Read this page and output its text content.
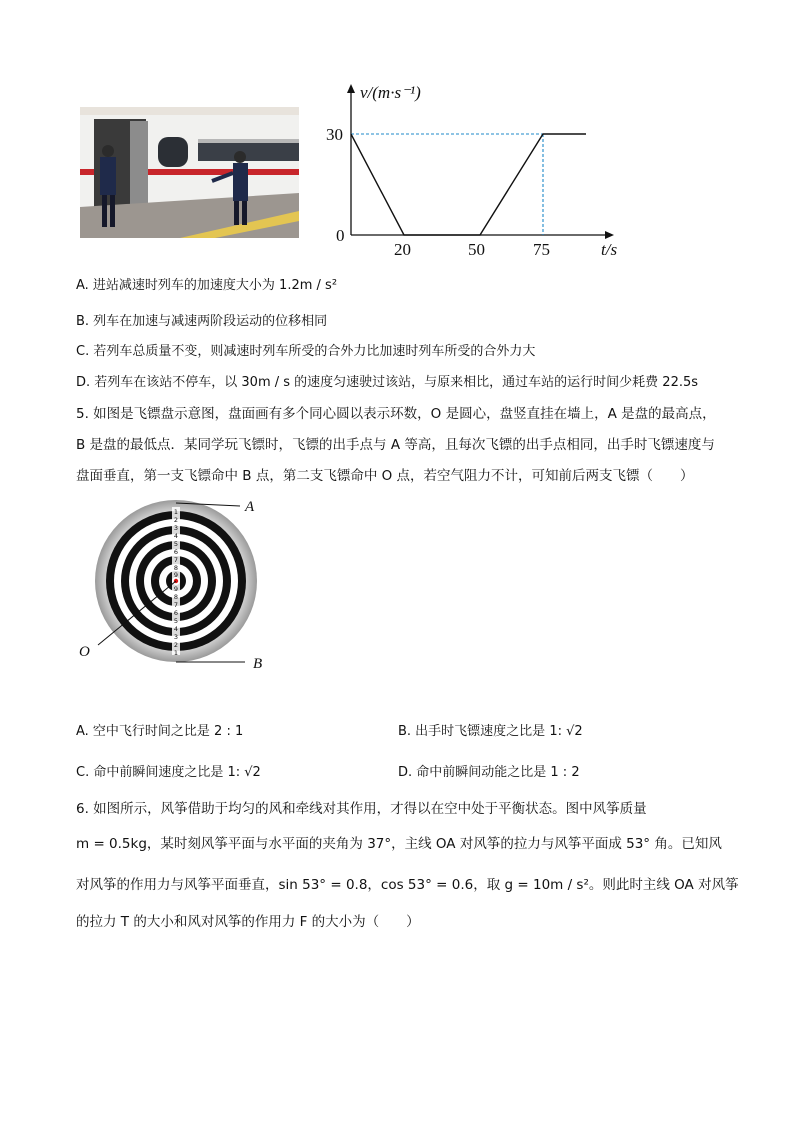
v/(m·s⁻¹)
30
0
20	50	75	t/s
A. 进站减速时列车的加速度大小为 1.2m / s²
B. 列车在加速与减速两阶段运动的位移相同
C. 若列车总质量不变，则减速时列车所受的合外力比加速时列车所受的合外力大
D. 若列车在该站不停车，以 30m / s 的速度匀速驶过该站，与原来相比，通过车站的运行时间少耗费 22.5s
5. 如图是飞镖盘示意图，盘面画有多个同心圆以表示环数，O 是圆心，盘竖直挂在墙上，A 是盘的最高点，
B 是盘的最低点．某同学玩飞镖时，飞镖的出手点与 A 等高，且每次飞镖的出手点相同，出手时飞镖速度与
盘面垂直，第一支飞镖命中 B 点，第二支飞镖命中 O 点，若空气阻力不计，可知前后两支飞镖（　　）
1
2
3
4
5
6
7
8
9
9
8
7
6
5
4
3
2
1
A
B
O
A. 空中飞行时间之比是 2 : 1	B. 出手时飞镖速度之比是 1: √2
C. 命中前瞬间速度之比是 1: √2	D. 命中前瞬间动能之比是 1 : 2
6. 如图所示，风筝借助于均匀的风和牵线对其作用，才得以在空中处于平衡状态。图中风筝质量
m = 0.5kg，某时刻风筝平面与水平面的夹角为 37°，主线 OA 对风筝的拉力与风筝平面成 53° 角。已知风
对风筝的作用力与风筝平面垂直，sin 53° = 0.8，cos 53° = 0.6，取 g = 10m / s²。则此时主线 OA 对风筝
的拉力 T 的大小和风对风筝的作用力 F 的大小为（　　）
